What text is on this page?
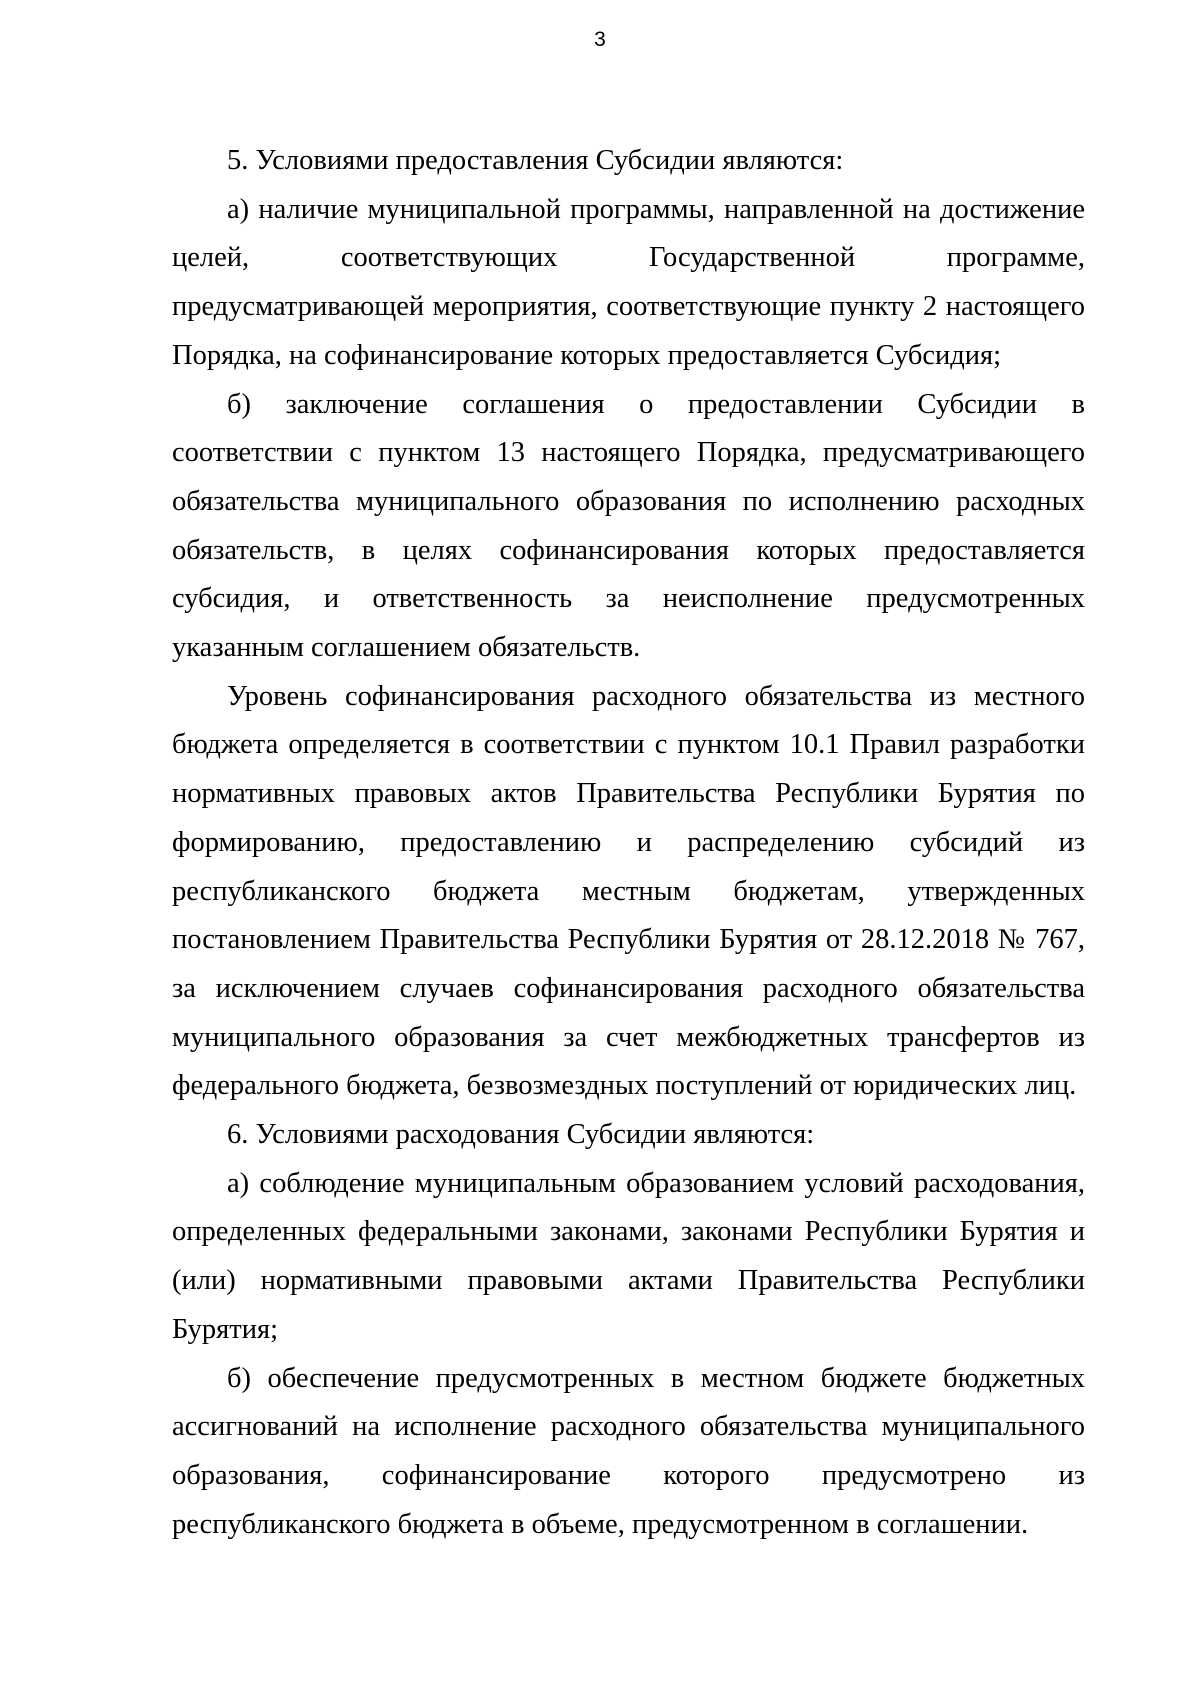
3

5. Условиями предоставления Субсидии являются:

а) наличие муниципальной программы, направленной на достижение целей, соответствующих Государственной программе, предусматривающей мероприятия, соответствующие пункту 2 настоящего Порядка, на софинансирование которых предоставляется Субсидия;

б) заключение соглашения о предоставлении Субсидии в соответствии с пунктом 13 настоящего Порядка, предусматривающего обязательства муниципального образования по исполнению расходных обязательств, в целях софинансирования которых предоставляется субсидия, и ответственность за неисполнение предусмотренных указанным соглашением обязательств.

Уровень софинансирования расходного обязательства из местного бюджета определяется в соответствии с пунктом 10.1 Правил разработки нормативных правовых актов Правительства Республики Бурятия по формированию, предоставлению и распределению субсидий из республиканского бюджета местным бюджетам, утвержденных постановлением Правительства Республики Бурятия от 28.12.2018 № 767, за исключением случаев софинансирования расходного обязательства муниципального образования за счет межбюджетных трансфертов из федерального бюджета, безвозмездных поступлений от юридических лиц.

6. Условиями расходования Субсидии являются:

а) соблюдение муниципальным образованием условий расходования, определенных федеральными законами, законами Республики Бурятия и (или) нормативными правовыми актами Правительства Республики Бурятия;

б) обеспечение предусмотренных в местном бюджете бюджетных ассигнований на исполнение расходного обязательства муниципального образования, софинансирование которого предусмотрено из республиканского бюджета в объеме, предусмотренном в соглашении.
